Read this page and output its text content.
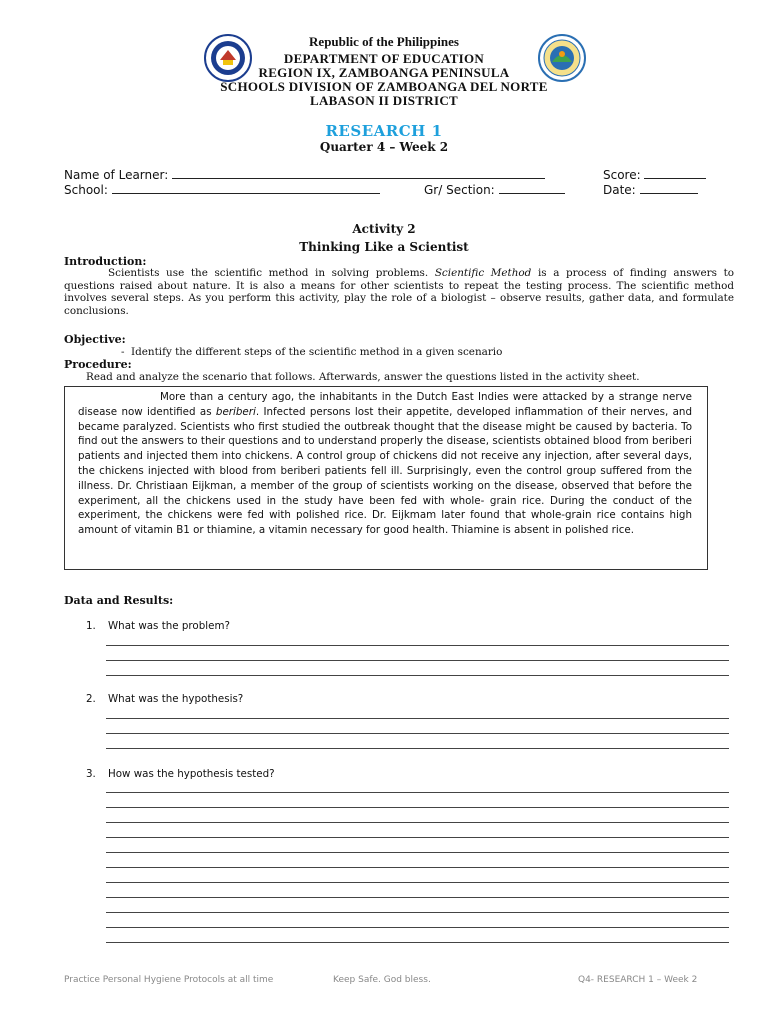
Republic of the Philippines
DEPARTMENT OF EDUCATION
REGION IX, ZAMBOANGA PENINSULA
SCHOOLS DIVISION OF ZAMBOANGA DEL NORTE
LABASON II DISTRICT
RESEARCH 1
Quarter 4 – Week 2
Name of Learner:	Score:
School:	Gr/ Section:	Date:
Activity 2
Thinking Like a Scientist
Introduction:
Scientists use the scientific method in solving problems. Scientific Method is a process of finding answers to questions raised about nature. It is also a means for other scientists to repeat the testing process. The scientific method involves several steps. As you perform this activity, play the role of a biologist – observe results, gather data, and formulate conclusions.
Objective:
- Identify the different steps of the scientific method in a given scenario
Procedure:
Read and analyze the scenario that follows. Afterwards, answer the questions listed in the activity sheet.
More than a century ago, the inhabitants in the Dutch East Indies were attacked by a strange nerve disease now identified as beriberi. Infected persons lost their appetite, developed inflammation of their nerves, and became paralyzed. Scientists who first studied the outbreak thought that the disease might be caused by bacteria. To find out the answers to their questions and to understand properly the disease, scientists obtained blood from beriberi patients and injected them into chickens. A control group of chickens did not receive any injection, after several days, the chickens injected with blood from beriberi patients fell ill. Surprisingly, even the control group suffered from the illness. Dr. Christiaan Eijkman, a member of the group of scientists working on the disease, observed that before the experiment, all the chickens used in the study have been fed with whole- grain rice. During the conduct of the experiment, the chickens were fed with polished rice. Dr. Eijkmam later found that whole-grain rice contains high amount of vitamin B1 or thiamine, a vitamin necessary for good health. Thiamine is absent in polished rice.
Data and Results:
1. What was the problem?
2. What was the hypothesis?
3. How was the hypothesis tested?
Practice Personal Hygiene Protocols at all time	Keep Safe. God bless.	Q4- RESEARCH 1 – Week 2
